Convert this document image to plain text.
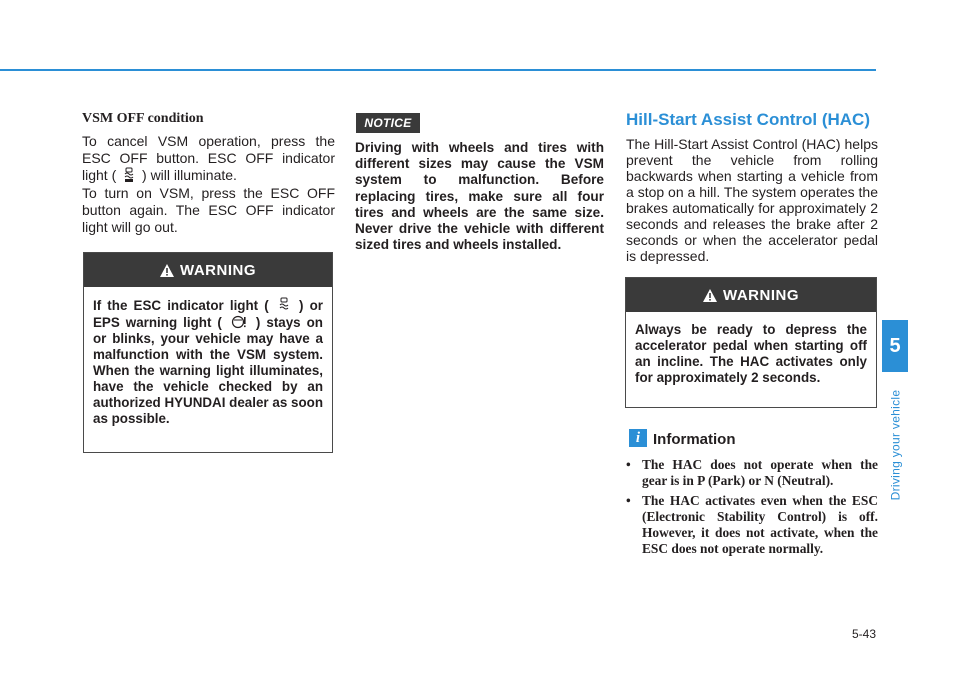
VSM OFF condition

To cancel VSM operation, press the ESC OFF button. ESC OFF indicator light ( ) will illuminate.

To turn on VSM, press the ESC OFF button again. The ESC OFF indicator light will go out.

WARNING
If the ESC indicator light ( ) or EPS warning light (	) stays on or blinks, your vehicle may have a malfunction with the VSM system. When the warning light illuminates, have the vehicle checked by an authorized HYUNDAI dealer as soon as possible.
NOTICE

Driving with wheels and tires with different sizes may cause the VSM system to malfunction. Before replacing tires, make sure all four tires and wheels are the same size. Never drive the vehicle with different sized tires and wheels installed.

Hill-Start Assist Control (HAC)

The Hill-Start Assist Control (HAC) helps prevent the vehicle from rolling backwards when starting a vehicle from a stop on a hill. The system operates the brakes automatically for approximately 2 seconds and releases the brake after 2 seconds or when the accelerator pedal is depressed.

WARNING
Always be ready to depress the accelerator pedal when starting off an incline. The HAC activates only for approximately 2 seconds.
i Information
• The HAC does not operate when the gear is in P (Park) or N (Neutral).
• The HAC activates even when the ESC (Electronic Stability Control) is off. However, it does not activate, when the ESC does not operate normally.
5
Driving your vehicle
5-43
